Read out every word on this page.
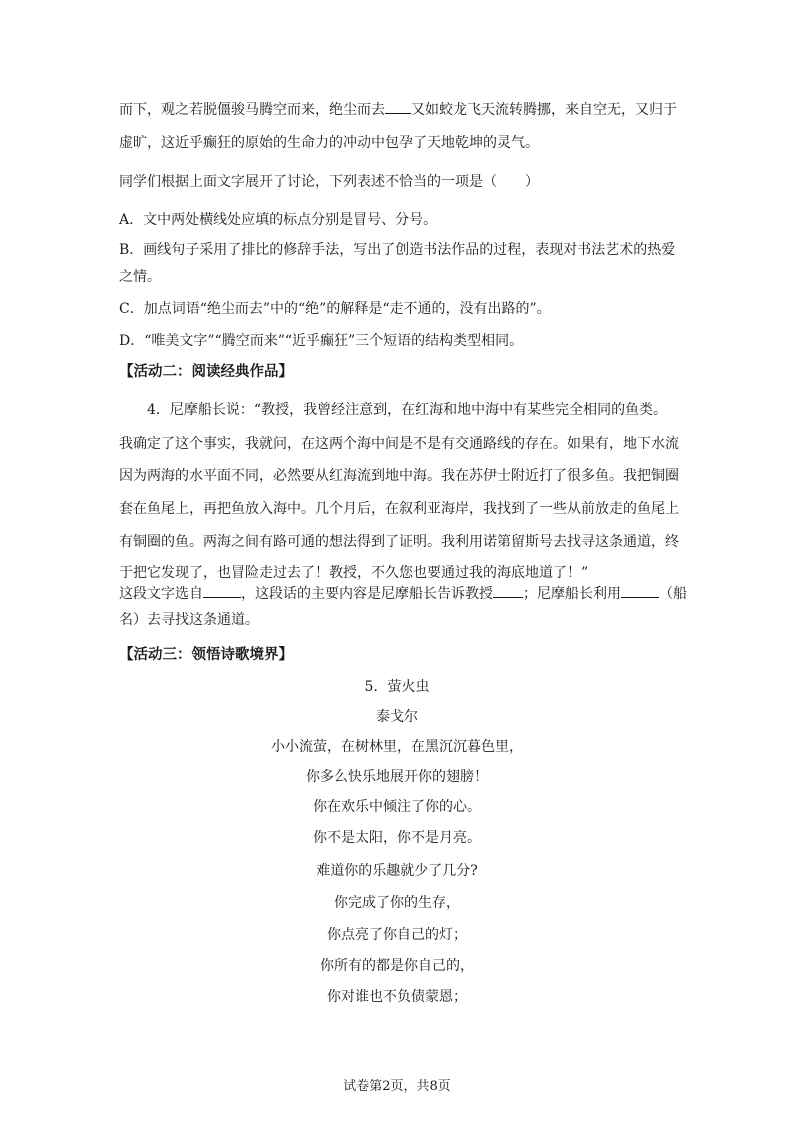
而下，观之若脱僵骏马腾空而来，绝尘而去 又如蛟龙飞天流转腾挪，来自空无，又归于
虚旷，这近乎癫狂的原始的生命力的冲动中包孕了天地乾坤的灵气。
同学们根据上面文字展开了讨论，下列表述不恰当的一项是（　　）
A．文中两处横线处应填的标点分别是冒号、分号。
B．画线句子采用了排比的修辞手法，写出了创造书法作品的过程，表现对书法艺术的热爱
之情。
C．加点词语“绝尘而去”中的“绝”的解释是“走不通的，没有出路的”。
D．“唯美文字”“腾空而来”“近乎癫狂”三个短语的结构类型相同。
【活动二：阅读经典作品】
4．尼摩船长说：“教授，我曾经注意到，在红海和地中海中有某些完全相同的鱼类。
我确定了这个事实，我就问，在这两个海中间是不是有交通路线的存在。如果有，地下水流
因为两海的水平面不同，必然要从红海流到地中海。我在苏伊士附近打了很多鱼。我把铜圈
套在鱼尾上，再把鱼放入海中。几个月后，在叙利亚海岸，我找到了一些从前放走的鱼尾上
有铜圈的鱼。两海之间有路可通的想法得到了证明。我利用诺第留斯号去找寻这条通道，终
于把它发现了，也冒险走过去了！教授，不久您也要通过我的海底地道了！”
这段文字选自	，这段话的主要内容是尼摩船长告诉教授 ；尼摩船长利用	（船
名）去寻找这条通道。
【活动三：领悟诗歌境界】
5．萤火虫
泰戈尔
小小流萤，在树林里，在黑沉沉暮色里，
你多么快乐地展开你的翅膀！
你在欢乐中倾注了你的心。
你不是太阳，你不是月亮。
难道你的乐趣就少了几分?
你完成了你的生存，
你点亮了你自己的灯；
你所有的都是你自己的，
你对谁也不负债蒙恩；
试卷第2页，共8页
